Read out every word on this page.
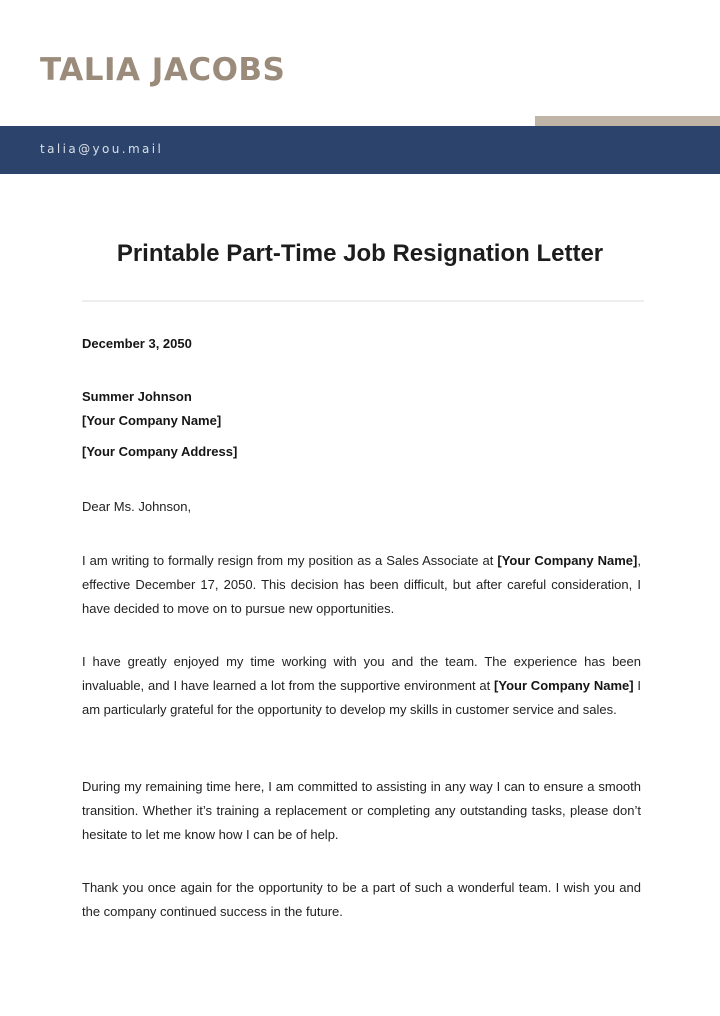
TALIA JACOBS
talia@you.mail
Printable Part-Time Job Resignation Letter
December 3, 2050
Summer Johnson
[Your Company Name]
[Your Company Address]
Dear Ms. Johnson,
I am writing to formally resign from my position as a Sales Associate at [Your Company Name], effective December 17, 2050. This decision has been difficult, but after careful consideration, I have decided to move on to pursue new opportunities.
I have greatly enjoyed my time working with you and the team. The experience has been invaluable, and I have learned a lot from the supportive environment at [Your Company Name] I am particularly grateful for the opportunity to develop my skills in customer service and sales.
During my remaining time here, I am committed to assisting in any way I can to ensure a smooth transition. Whether it’s training a replacement or completing any outstanding tasks, please don’t hesitate to let me know how I can be of help.
Thank you once again for the opportunity to be a part of such a wonderful team. I wish you and the company continued success in the future.
